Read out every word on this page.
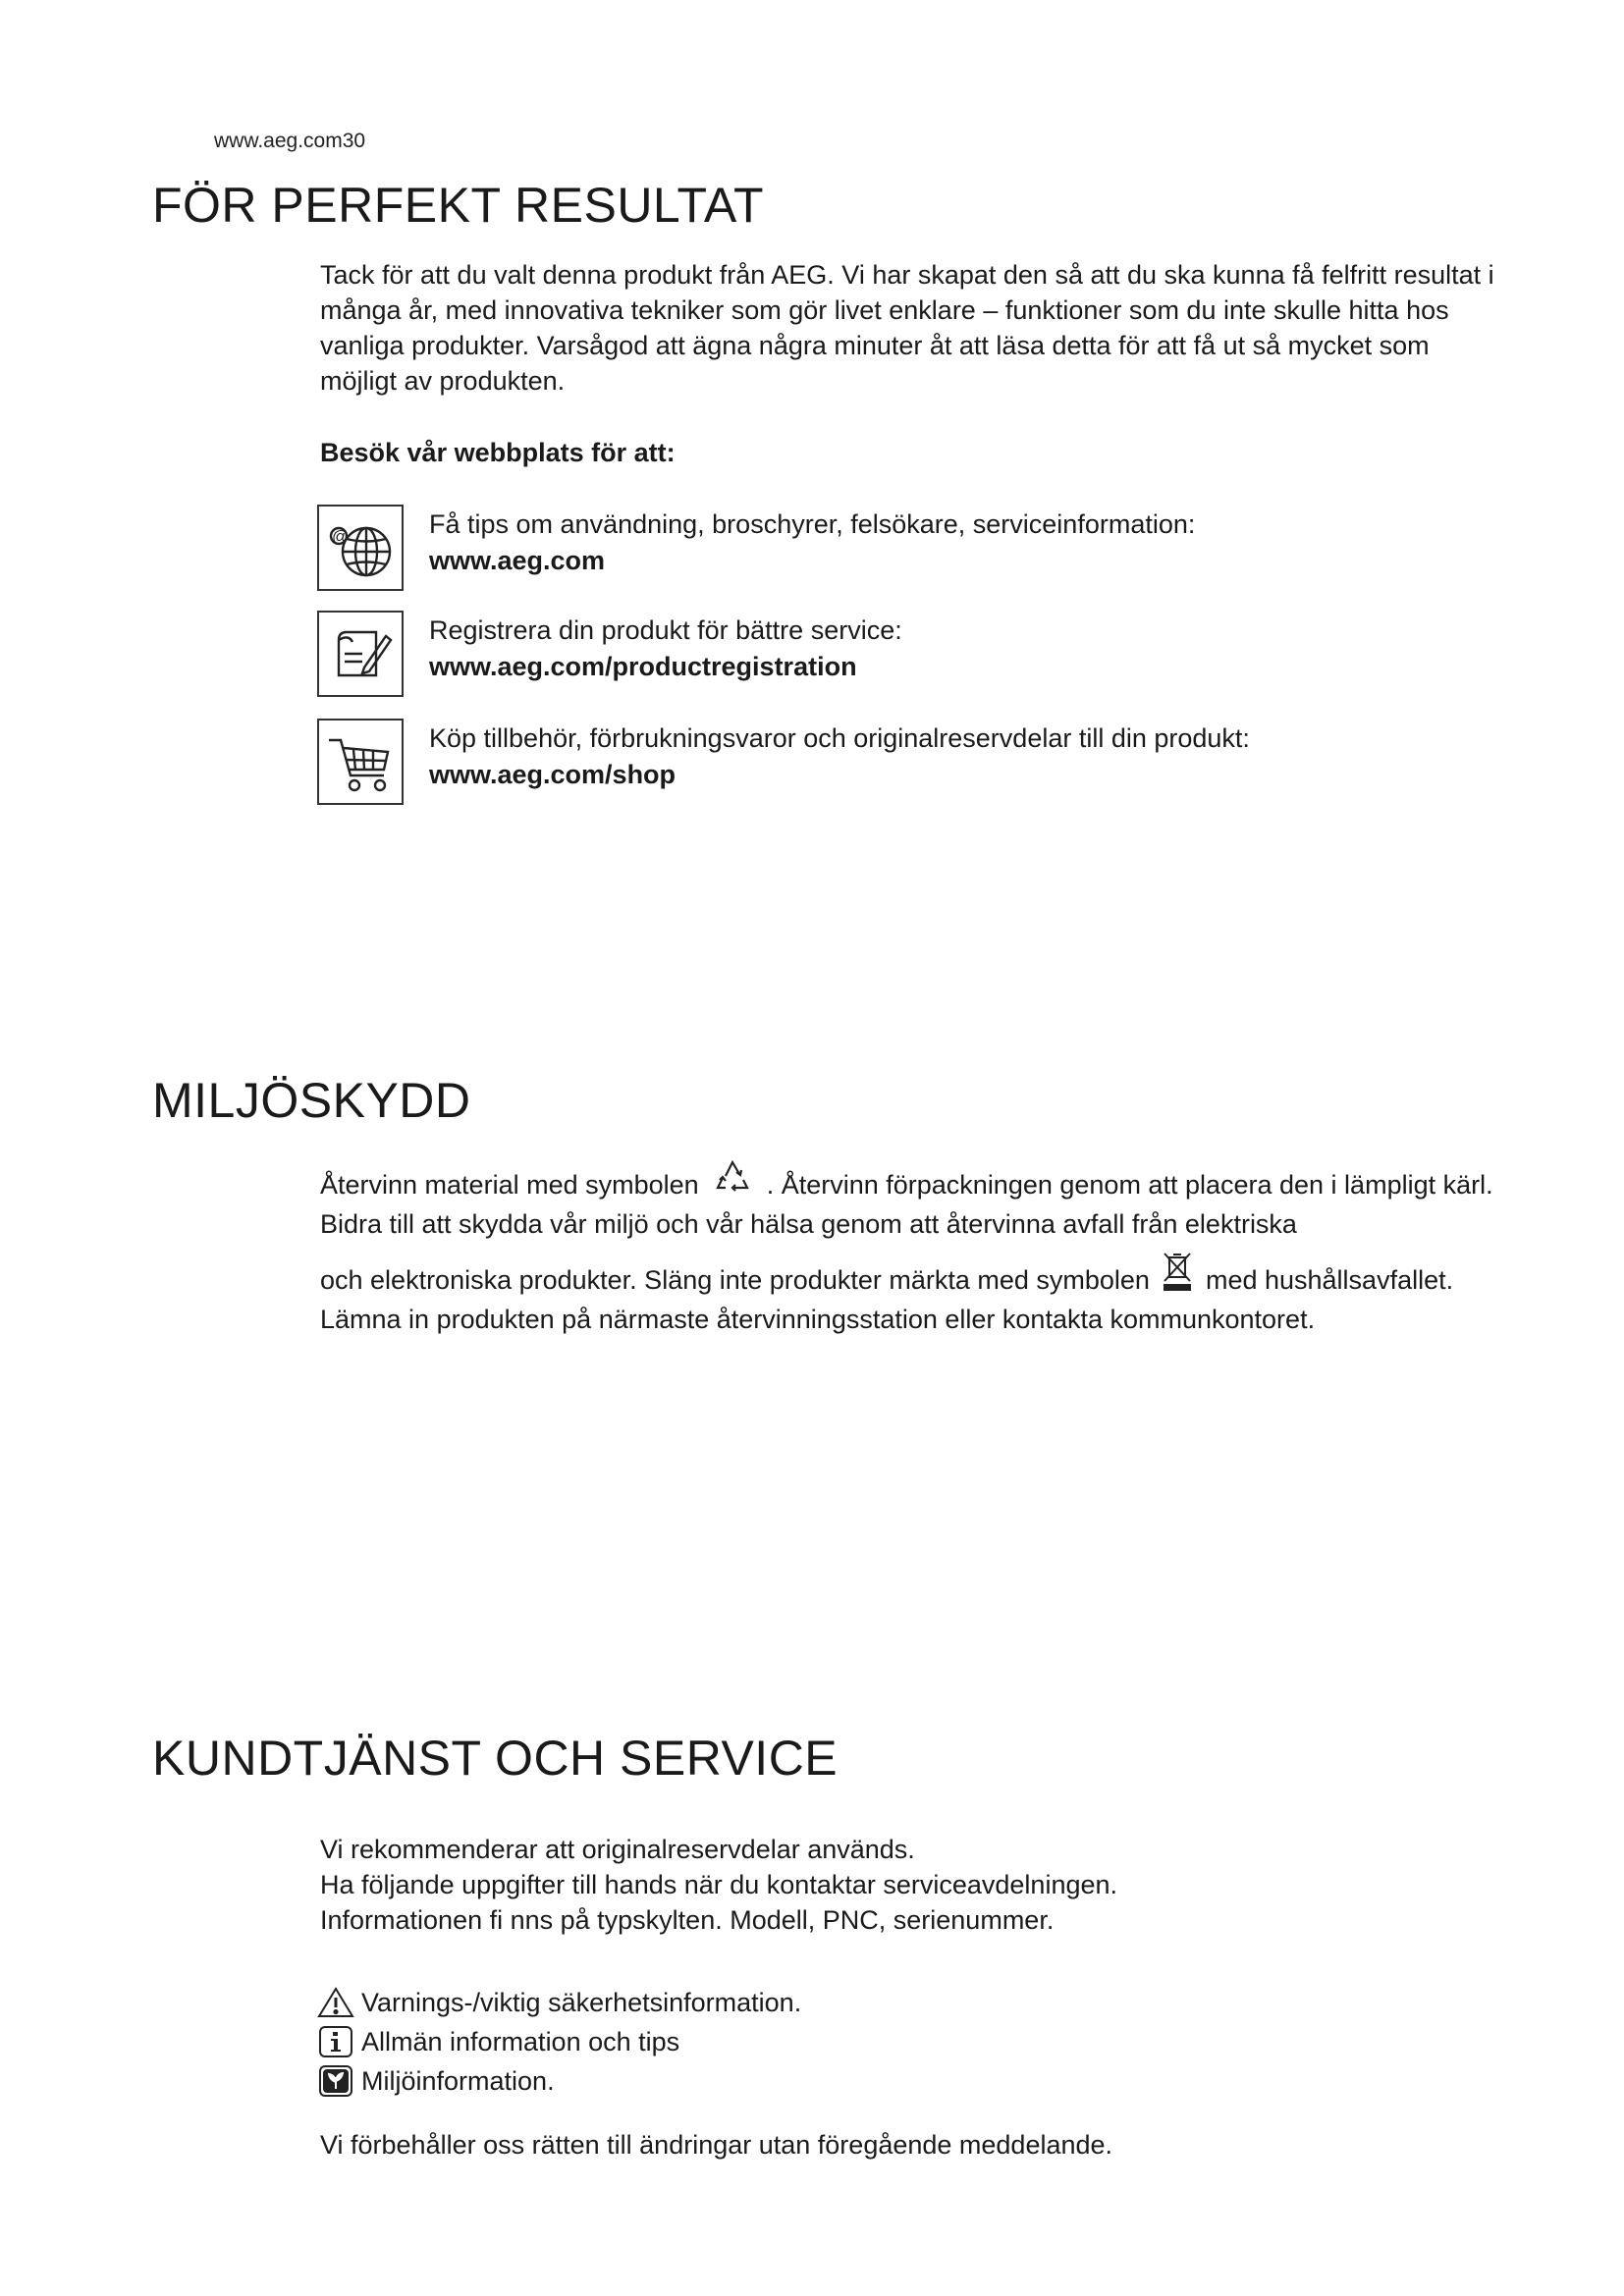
www.aeg.com30
FÖR PERFEKT RESULTAT
Tack för att du valt denna produkt från AEG. Vi har skapat den så att du ska kunna få felfritt resultat i många år, med innovativa tekniker som gör livet enklare – funktioner som du inte skulle hitta hos vanliga produkter. Varsågod att ägna några minuter åt att läsa detta för att få ut så mycket som möjligt av produkten.
Besök vår webbplats för att:
@	Få tips om användning, broschyrer, felsökare, serviceinformation:
www.aeg.com
Registrera din produkt för bättre service:
www.aeg.com/productregistration
Köp tillbehör, förbrukningsvaror och originalreservdelar till din produkt:
www.aeg.com/shop
MILJÖSKYDD

Återvinn material med symbolen	. Återvinn förpackningen genom att placera den i lämpligt kärl.

Bidra till att skydda vår miljö och vår hälsa genom att återvinna avfall från elektriska

och elektroniska produkter. Släng inte produkter märkta med symbolen med hushållsavfallet. Lämna in produkten på närmaste återvinningsstation eller kontakta kommunkontoret.

KUNDTJÄNST OCH SERVICE

Vi rekommenderar att originalreservdelar används.

Ha följande uppgifter till hands när du kontaktar serviceavdelningen.

Informationen fi nns på typskylten. Modell, PNC, serienummer.

Varnings-/viktig säkerhetsinformation.
Allmän information och tips
Miljöinformation.
Vi förbehåller oss rätten till ändringar utan föregående meddelande.
